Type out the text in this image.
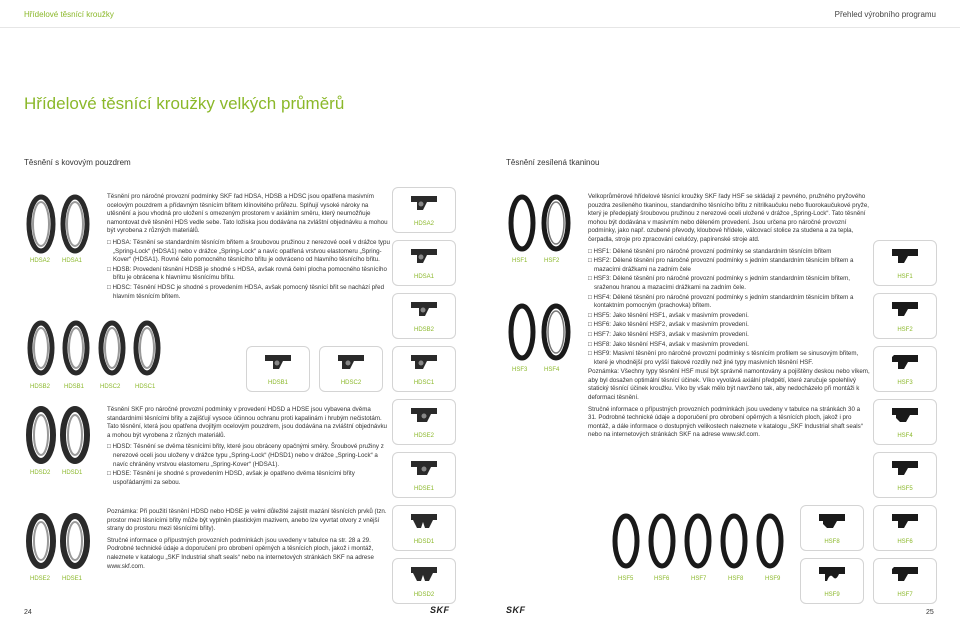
Hřídelové těsnící kroužky	Přehled výrobního programu
Hřídelové těsnící kroužky velkých průměrů
Těsnění s kovovým pouzdrem	Těsnění zesílená tkaninou
HDSA2 HDSA1
HDSB2 HDSB1	HDSC2 HDSC1
HDSD2 HDSD1
HDSE2 HDSE1

Těsnění pro náročné provozní podmínky SKF řad HDSA, HDSB a HDSC jsou opatřena masivním ocelovým pouzdrem a přídavným těsnícím břitem klínovitého průřezu. Splňují vysoké nároky na utěsnění a jsou vhodná pro uložení s omezeným prostorem v axiálním směru, který neumožňuje namontovat dvě těsnění HDS vedle sebe. Tato ložiska jsou dodávána na zvláštní objednávku a mohou být vyrobena z různých materiálů.

□ HDSA: Těsnění se standardním těsnícím břitem a šroubovou pružinou z nerezové oceli v drážce typu „Spring-Lock“ (HDSA1) nebo v drážce „Spring-Lock“ a navíc opatřená vrstvou elastomeru „Spring-Kover“ (HDSA1). Rovné čelo pomocného těsnícího břitu je odvráceno od hlavního těsnícího břitu.

□ HDSB: Provedení těsnění HDSB je shodné s HDSA, avšak rovná čelní plocha pomocného těsnícího břitu je obrácena k hlavnímu těsnícímu břitu.

□ HDSC: Těsnění HDSC je shodné s provedením HDSA, avšak pomocný těsnící břit se nachází před hlavním těsnícím břitem.

Těsnění SKF pro náročné provozní podmínky v provedení HDSD a HDSE jsou vybavena dvěma standardními těsnícími břity a zajišťují vysoce účinnou ochranu proti kapalinám i hrubým nečistotám. Tato těsnění, která jsou opatřena dvojitým ocelovým pouzdrem, jsou dodávána na zvláštní objednávku a mohou být vyrobena z různých materiálů.

□ HDSD: Těsnění se dvěma těsnícími břity, které jsou obráceny opačnými směry. Šroubové pružiny z nerezové oceli jsou uloženy v drážce typu „Spring-Lock“ (HDSD1) nebo v drážce „Spring-Lock“ a navíc chráněny vrstvou elastomeru „Spring-Kover“ (HDSA1).

□ HDSE: Těsnění je shodné s provedením HDSD, avšak je opatřeno dvěma těsnícími břity uspořádanými za sebou.

Poznámka: Při použití těsnění HDSD nebo HDSE je velmi důležité zajistit mazání těsnících prvků (tzn. prostor mezi těsnícími břity může být vyplněn plastickým mazivem, anebo lze vyvrtat otvory z vnější strany do prostoru mezi těsnícími břity).

Stručné informace o přípustných provozních podmínkách jsou uvedeny v tabulce na str. 28 a 29. Podrobné technické údaje a doporučení pro obrobení opěrných a těsnících ploch, jakož i montáž, naleznete v katalogu „SKF Industrial shaft seals“ nebo na internetových stránkách SKF na adrese www.skf.com.

HDSA2
HDSA1
HDSB2
HDSB1	HDSC2	HDSC1
HDSE2
HDSE1
HDSD1
HDSD2
24	SKF
HSF1	HSF2
HSF3	HSF4
HSF5	HSF6	HSF7	HSF8	HSF9

Velkoprůměrové hřídelové těsnící kroužky SKF řady HSF se skládají z pevného, pružného pryžového pouzdra zesíleného tkaninou, standardního těsnícího břitu z nitrilkaučuku nebo fluorokaučukové pryže, který je předepjatý šroubovou pružinou z nerezové oceli uložené v drážce „Spring-Lock“. Tato těsnění mohou být dodávána v masivním nebo děleném provedení. Jsou určena pro náročné provozní podmínky, jako např. ozubené převody, kloubové hřídele, válcovací stolice za studena a za tepla, čerpadla, stroje pro zpracování celulózy, papírenské stroje atd.

□ HSF1: Dělené těsnění pro náročné provozní podmínky se standardním těsnícím břitem

□ HSF2: Dělené těsnění pro náročné provozní podmínky s jedním standardním těsnícím břitem a mazacími drážkami na zadním čele

□ HSF3: Dělené těsnění pro náročné provozní podmínky s jedním standardním těsnícím břitem, sraženou hranou a mazacími drážkami na zadním čele.

□ HSF4: Dělené těsnění pro náročné provozní podmínky s jedním standardním těsnícím břitem a kontaktním pomocným (prachovka) břitem.

□ HSF5: Jako těsnění HSF1, avšak v masivním provedení.

□ HSF6: Jako těsnění HSF2, avšak v masivním provedení.

□ HSF7: Jako těsnění HSF3, avšak v masivním provedení.

□ HSF8: Jako těsnění HSF4, avšak v masivním provedení.

□ HSF9: Masivní těsnění pro náročné provozní podmínky s těsnícím profilem se sinusovým břitem, které je vhodnější pro vyšší tlakové rozdíly než jiné typy masivních těsnění HSF.

Poznámka: Všechny typy těsnění HSF musí být správně namontovány a pojištěny deskou nebo víkem, aby byl dosažen optimální těsnící účinek. Víko vyvolává axiální předpětí, které zaručuje spolehlivý statický těsnící účinek kroužku. Víko by však mělo být navrženo tak, aby nedocházelo při montáži k deformaci těsnění.

Stručné informace o přípustných provozních podmínkách jsou uvedeny v tabulce na stránkách 30 a 31. Podrobné technické údaje a doporučení pro obrobení opěrných a těsnících ploch, jakož i pro montáž, a dále informace o dostupných velikostech naleznete v katalogu „SKF Industrial shaft seals“ nebo na internetových stránkách SKF na adrese www.skf.com.

HSF1
HSF2
HSF3
HSF4
HSF5
HSF6
HSF7
HSF8
HSF9
SKF	25
